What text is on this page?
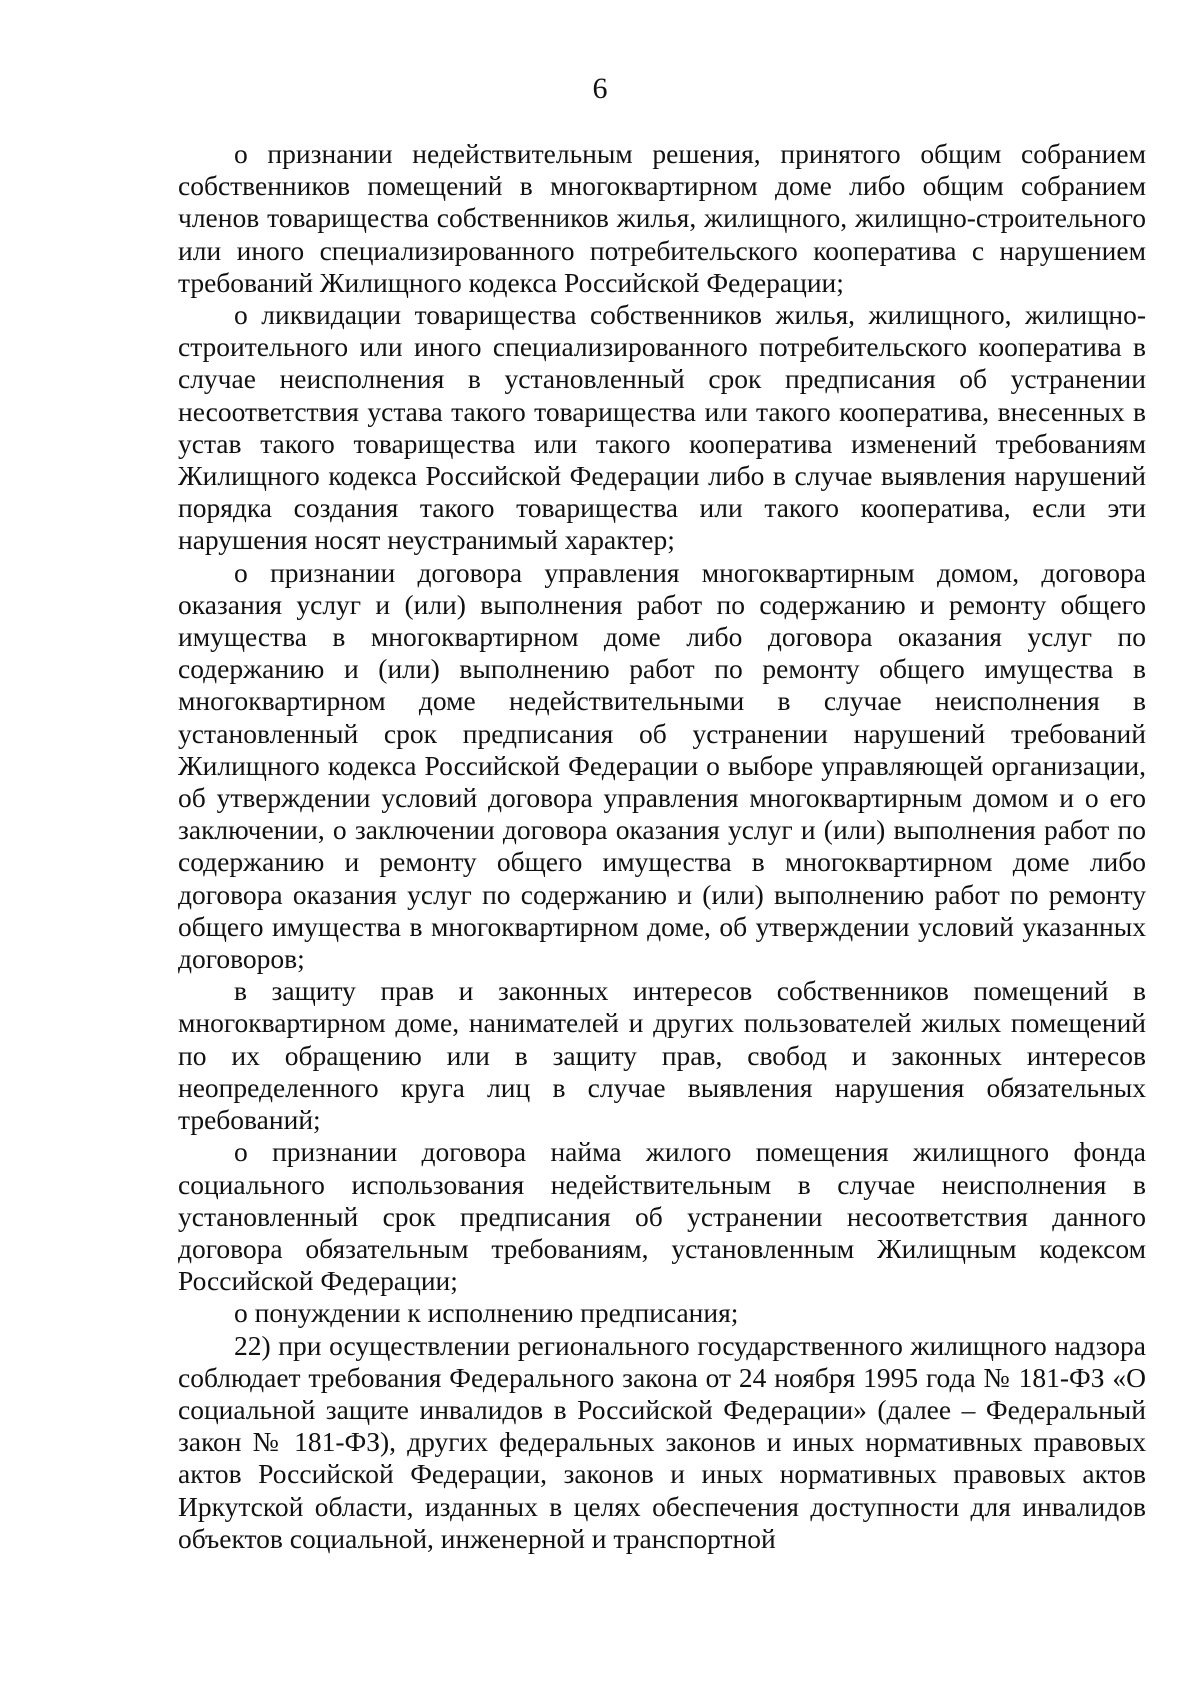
6

о признании недействительным решения, принятого общим собранием собственников помещений в многоквартирном доме либо общим собранием членов товарищества собственников жилья, жилищного, жилищно-строительного или иного специализированного потребительского кооператива с нарушением требований Жилищного кодекса Российской Федерации;

о ликвидации товарищества собственников жилья, жилищного, жилищно-строительного или иного специализированного потребительского кооператива в случае неисполнения в установленный срок предписания об устранении несоответствия устава такого товарищества или такого кооператива, внесенных в устав такого товарищества или такого кооператива изменений требованиям Жилищного кодекса Российской Федерации либо в случае выявления нарушений порядка создания такого товарищества или такого кооператива, если эти нарушения носят неустранимый характер;

о признании договора управления многоквартирным домом, договора оказания услуг и (или) выполнения работ по содержанию и ремонту общего имущества в многоквартирном доме либо договора оказания услуг по содержанию и (или) выполнению работ по ремонту общего имущества в многоквартирном доме недействительными в случае неисполнения в установленный срок предписания об устранении нарушений требований Жилищного кодекса Российской Федерации о выборе управляющей организации, об утверждении условий договора управления многоквартирным домом и о его заключении, о заключении договора оказания услуг и (или) выполнения работ по содержанию и ремонту общего имущества в многоквартирном доме либо договора оказания услуг по содержанию и (или) выполнению работ по ремонту общего имущества в многоквартирном доме, об утверждении условий указанных договоров;

в защиту прав и законных интересов собственников помещений в многоквартирном доме, нанимателей и других пользователей жилых помещений по их обращению или в защиту прав, свобод и законных интересов неопределенного круга лиц в случае выявления нарушения обязательных требований;

о признании договора найма жилого помещения жилищного фонда социального использования недействительным в случае неисполнения в установленный срок предписания об устранении несоответствия данного договора обязательным требованиям, установленным Жилищным кодексом Российской Федерации;

о понуждении к исполнению предписания;

22) при осуществлении регионального государственного жилищного надзора соблюдает требования Федерального закона от 24 ноября 1995 года № 181-ФЗ «О социальной защите инвалидов в Российской Федерации» (далее – Федеральный закон № 181-ФЗ), других федеральных законов и иных нормативных правовых актов Российской Федерации, законов и иных нормативных правовых актов Иркутской области, изданных в целях обеспечения доступности для инвалидов объектов социальной, инженерной и транспортной
